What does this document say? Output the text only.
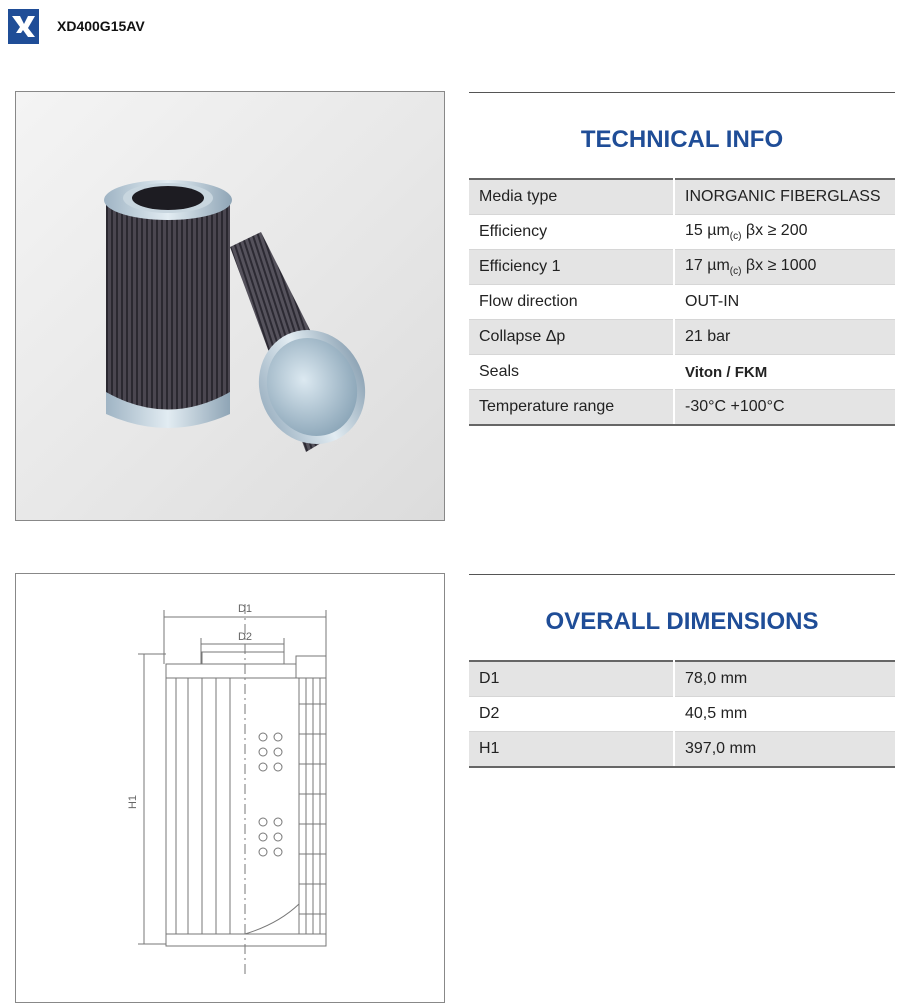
XD400G15AV
TECHNICAL INFO
Media type	INORGANIC FIBERGLASS
Efficiency	15 µm$_{(c)}$ βx ≥ 200
Efficiency 1	17 µm$_{(c)}$ βx ≥ 1000
Flow direction	OUT-IN
Collapse Δp	21 bar
Seals	Viton / FKM
Temperature range	-30°C +100°C
D1
D2
H1
OVERALL DIMENSIONS
D1	78,0 mm
D2	40,5 mm
H1	397,0 mm
